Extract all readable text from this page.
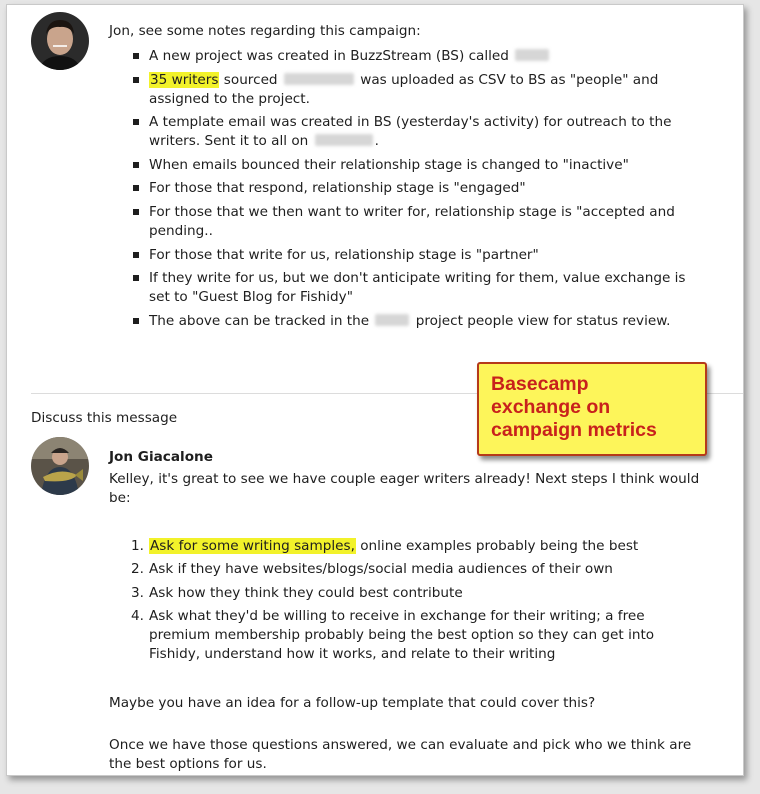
Jon, see some notes regarding this campaign:
A new project was created in BuzzStream (BS) called
35 writers sourced	was uploaded as CSV to BS as "people" and assigned to the project.
A template email was created in BS (yesterday's activity) for outreach to the writers. Sent it to all on	.
When emails bounced their relationship stage is changed to "inactive"
For those that respond, relationship stage is "engaged"
For those that we then want to writer for, relationship stage is "accepted and pending..
For those that write for us, relationship stage is "partner"
If they write for us, but we don't anticipate writing for them, value exchange is set to "Guest Blog for Fishidy"
The above can be tracked in the	project people view for status review.
Discuss this message
Jon Giacalone
Kelley, it's great to see we have couple eager writers already! Next steps I think would be:
1. Ask for some writing samples, online examples probably being the best
2. Ask if they have websites/blogs/social media audiences of their own
3. Ask how they think they could best contribute
4. Ask what they'd be willing to receive in exchange for their writing; a free premium membership probably being the best option so they can get into Fishidy, understand how it works, and relate to their writing
Maybe you have an idea for a follow-up template that could cover this?
Once we have those questions answered, we can evaluate and pick who we think are the best options for us.
Basecamp
exchange on
campaign metrics
